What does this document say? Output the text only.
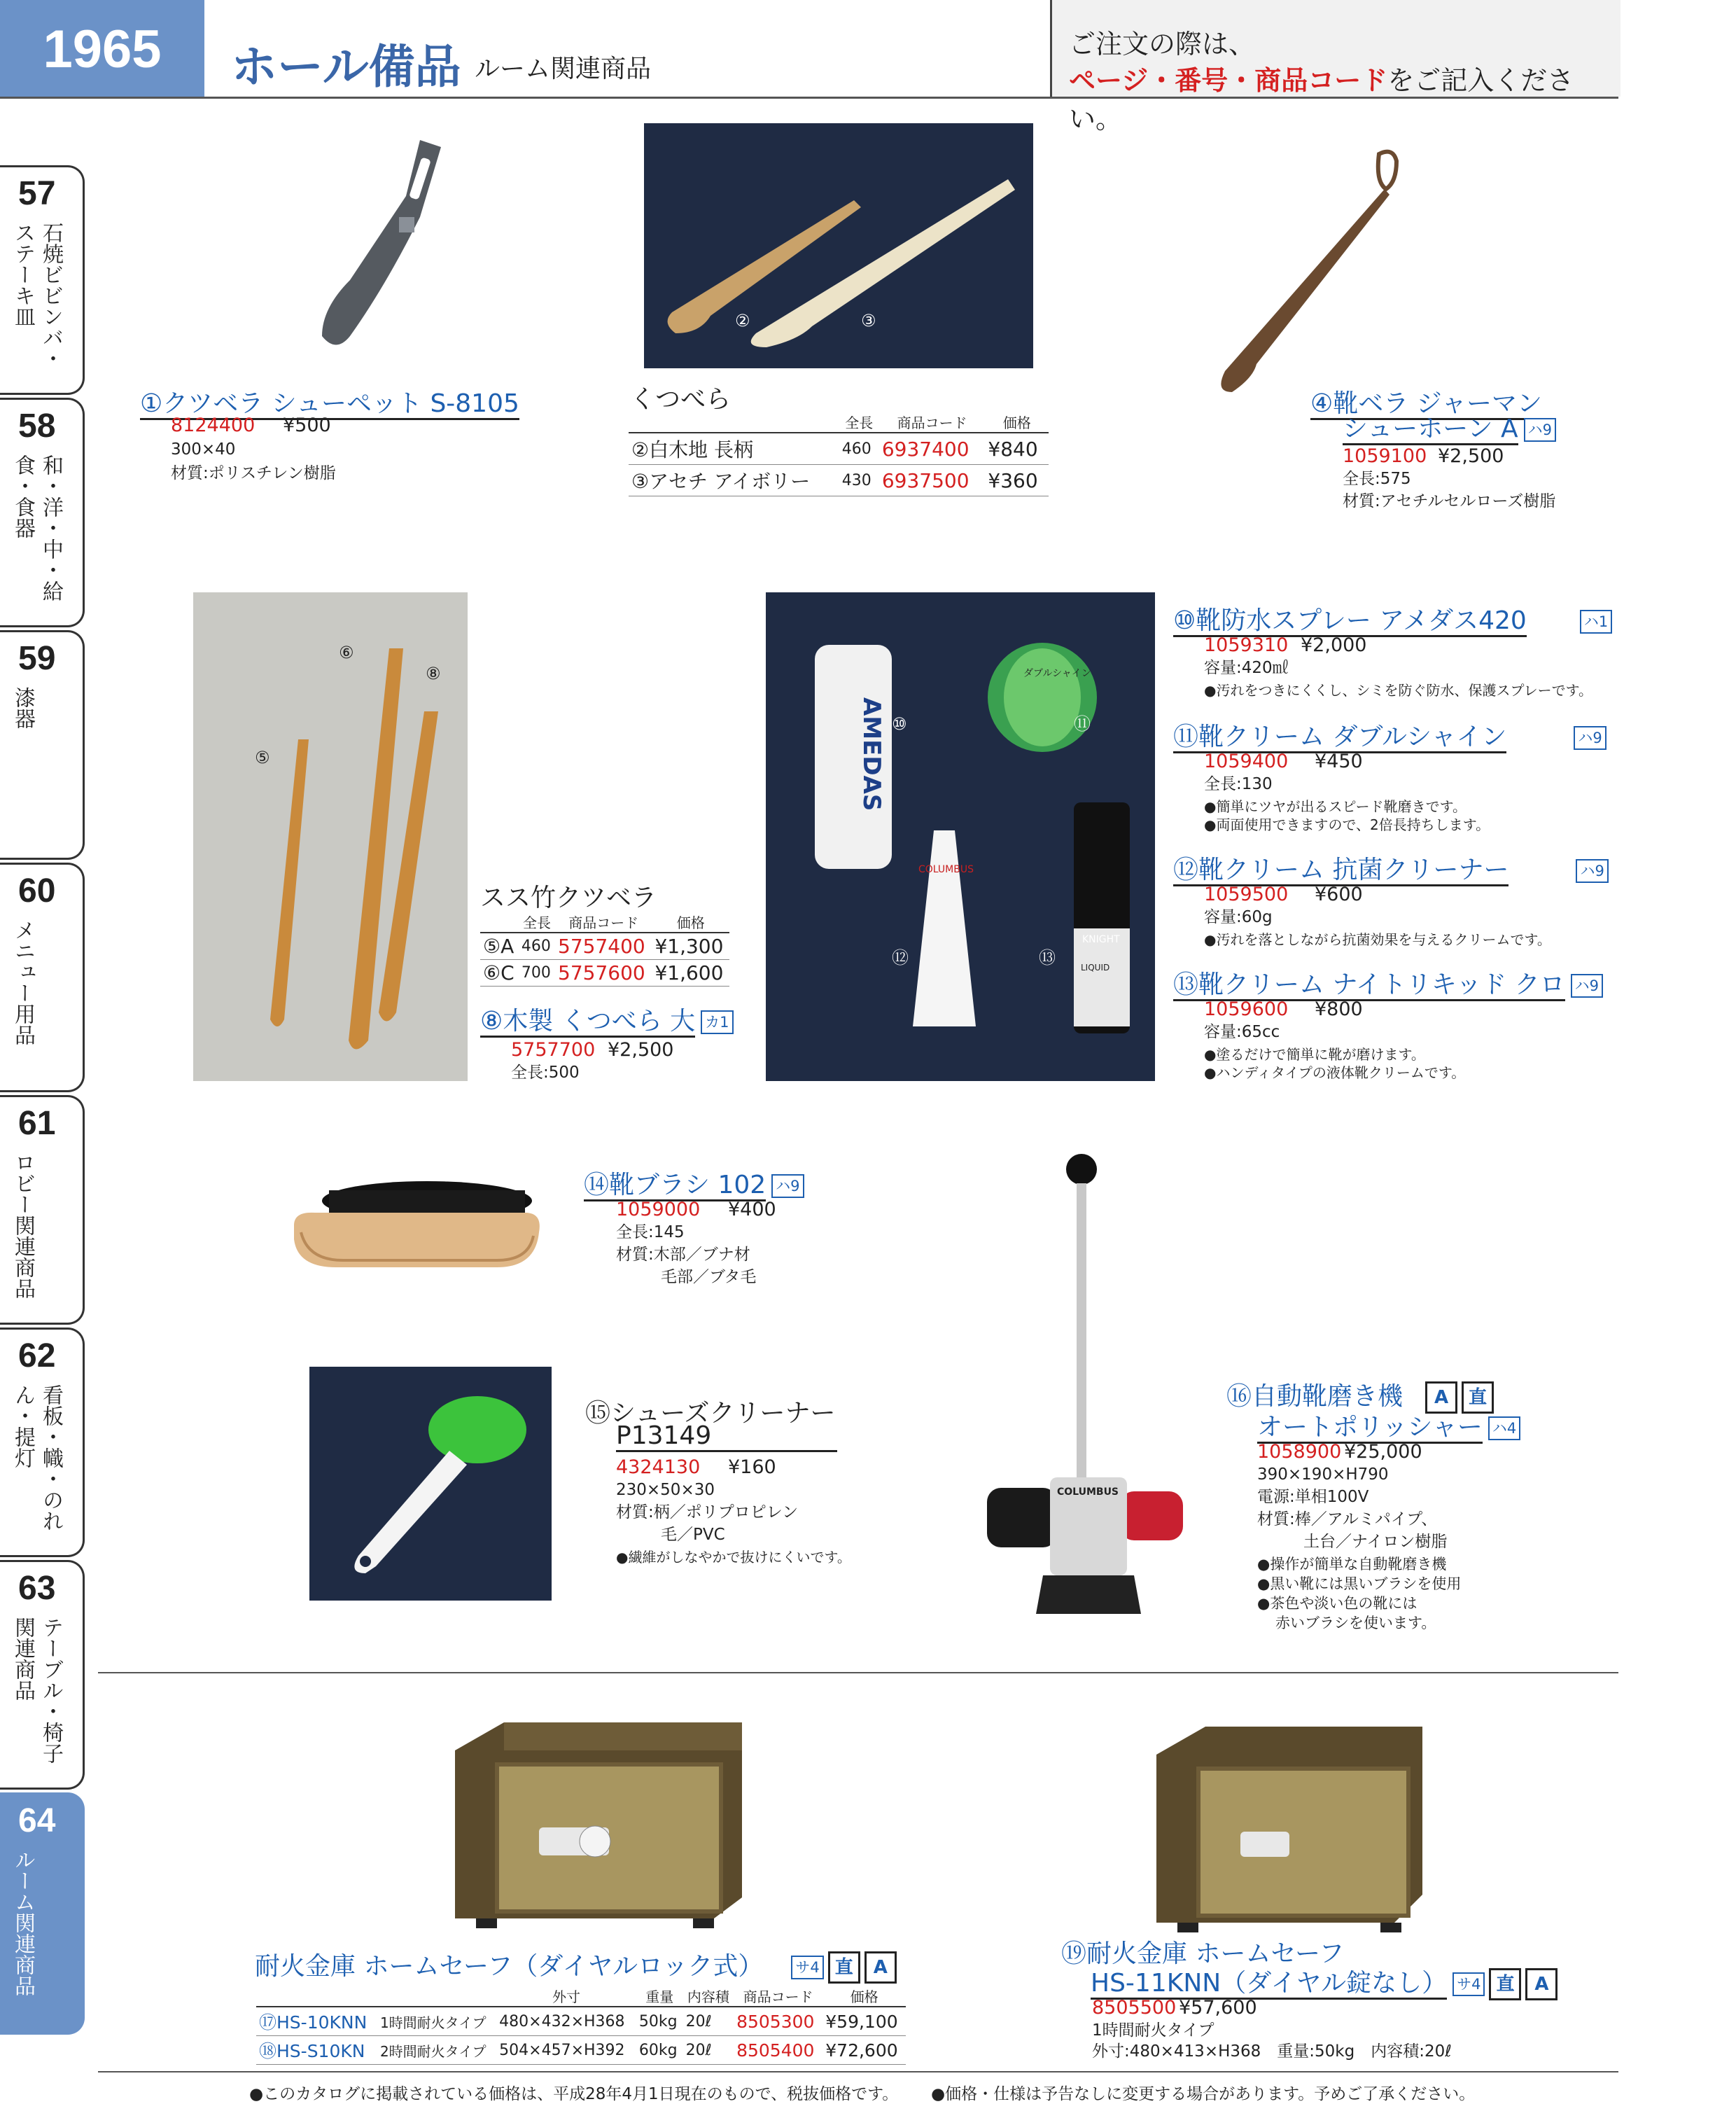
1965	ホール備品 ルーム関連商品
ご注文の際は、
ページ・番号・商品コードをご記入ください。
57
石焼ビビンバ・ステーキ皿
58
和・洋・中・給食・食器
59
漆器
60
メニュー用品
61
ロビー関連商品
62
看板・幟・のれん・提灯
63
テーブル・椅子関連商品
64
ルーム関連商品
①クツベラ シューペット S-8105
8124400 ¥500
300×40
材質:ポリスチレン樹脂
②	③
くつべら
	全長	商品コード	価格
②白木地 長柄	460	6937400	¥840
③アセチ アイボリー	430	6937500	¥360
④靴ベラ ジャーマン
シューホーン A ハ9
1059100 ¥2,500
全長:575
材質:アセチルセルローズ樹脂
⑤
⑥
⑧
スス竹クツベラ
	全長	商品コード	価格
⑤A	460	5757400	¥1,300
⑥C	700	5757600	¥1,600
⑧木製 くつべら 大 カ1
5757700 ¥2,500
全長:500
AMEDAS
ダブルシャイン
COLUMBUS
KNIGHT
LIQUID
⑩	⑪
⑫	⑬
⑩靴防水スプレー アメダス420	ハ1
1059310 ¥2,000
容量:420㎖
●汚れをつきにくくし、シミを防ぐ防水、保護スプレーです。
⑪靴クリーム ダブルシャイン	ハ9
1059400 ¥450
全長:130
●簡単にツヤが出るスピード靴磨きです。
●両面使用できますので、2倍長持ちします。
⑫靴クリーム 抗菌クリーナー	ハ9
1059500 ¥600
容量:60g
●汚れを落としながら抗菌効果を与えるクリームです。
⑬靴クリーム ナイトリキッド クロ ハ9
1059600 ¥800
容量:65cc
●塗るだけで簡単に靴が磨けます。
●ハンディタイプの液体靴クリームです。
⑭靴ブラシ 102 ハ9
1059000 ¥400
全長:145
材質:木部／ブナ材
毛部／ブタ毛
⑮シューズクリーナー
P13149
4324130 ¥160
230×50×30
材質:柄／ポリプロピレン
毛／PVC
●繊維がしなやかで抜けにくいです。
COLUMBUS
⑯自動靴磨き機 A 直
オートポリッシャー ハ4
1058900 ¥25,000
390×190×H790
電源:単相100V
材質:棒／アルミパイプ、
土台／ナイロン樹脂
●操作が簡単な自動靴磨き機
●黒い靴には黒いブラシを使用
●茶色や淡い色の靴には
赤いブラシを使います。
耐火金庫 ホームセーフ（ダイヤルロック式） サ4 直 A
		外寸	重量	内容積	商品コード	価格
⑰HS-10KNN	1時間耐火タイプ	480×432×H368	50kg	20ℓ	8505300	¥59,100
⑱HS-S10KN	2時間耐火タイプ	504×457×H392	60kg	20ℓ	8505400	¥72,600
⑲耐火金庫 ホームセーフ
HS-11KNN（ダイヤル錠なし） サ4 直 A
8505500 ¥57,600
1時間耐火タイプ
外寸:480×413×H368　重量:50kg　内容積:20ℓ
●このカタログに掲載されている価格は、平成28年4月1日現在のもので、税抜価格です。 ●価格・仕様は予告なしに変更する場合があります。予めご了承ください。
